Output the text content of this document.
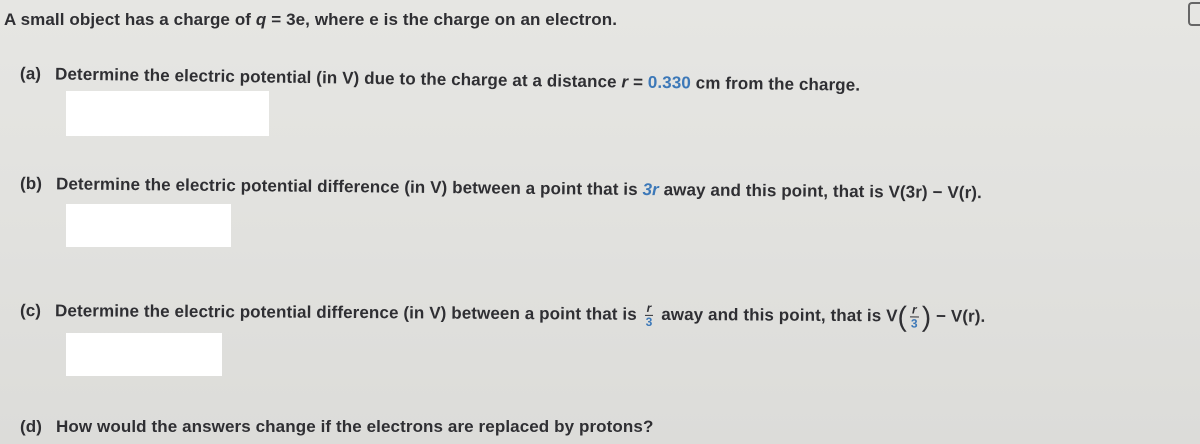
A small object has a charge of q = 3e, where e is the charge on an electron.
(a) Determine the electric potential (in V) due to the charge at a distance r = 0.330 cm from the charge.
(b) Determine the electric potential difference (in V) between a point that is 3r away and this point, that is V(3r) − V(r).
(c) Determine the electric potential difference (in V) between a point that is $\frac{r}{3}$ away and this point, that is $V( \frac{r}{3}$ ) − V(r).
(d) How would the answers change if the electrons are replaced by protons?
